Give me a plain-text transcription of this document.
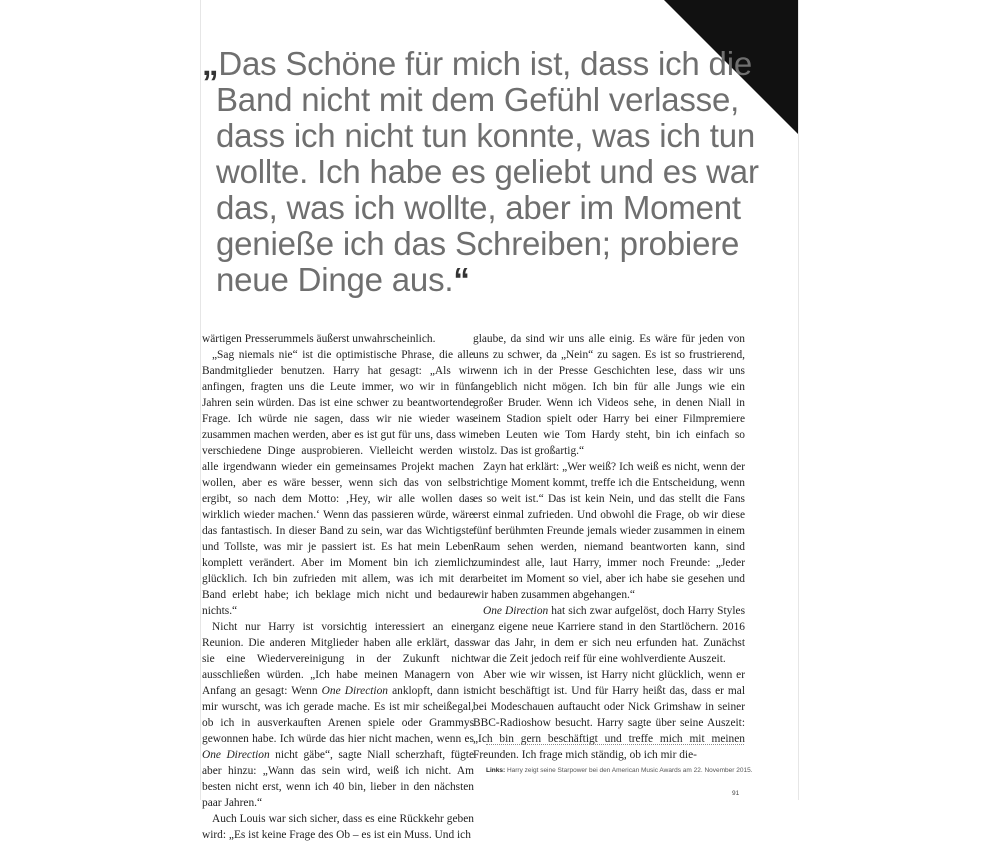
„Das Schöne für mich ist, dass ich die
Band nicht mit dem Gefühl verlasse,
dass ich nicht tun konnte, was ich tun
wollte. Ich habe es geliebt und es war
das, was ich wollte, aber im Moment
genieße ich das Schreiben; probiere
neue Dinge aus.“

wärtigen Presserummels äußerst unwahrscheinlich.

„Sag niemals nie“ ist die optimistische Phrase, die alle Bandmitglieder benutzen. Harry hat gesagt: „Als wir anfingen, fragten uns die Leute immer, wo wir in fünf Jahren sein würden. Das ist eine schwer zu beantwortende Frage. Ich würde nie sagen, dass wir nie wieder was zusammen machen werden, aber es ist gut für uns, dass wir verschiedene Dinge ausprobieren. Vielleicht werden wir alle irgendwann wieder ein gemeinsames Projekt machen wollen, aber es wäre besser, wenn sich das von selbst ergibt, so nach dem Motto: ‚Hey, wir alle wollen das wirklich wieder machen.‘ Wenn das passieren würde, wäre das fantastisch. In dieser Band zu sein, war das Wichtigste und Tollste, was mir je passiert ist. Es hat mein Leben komplett verändert. Aber im Moment bin ich ziemlich glücklich. Ich bin zufrieden mit allem, was ich mit der Band erlebt habe; ich beklage mich nicht und bedaure nichts.“

Nicht nur Harry ist vorsichtig interessiert an einer Reunion. Die anderen Mitglieder haben alle erklärt, dass sie eine Wiedervereinigung in der Zukunft nicht ausschließen würden. „Ich habe meinen Managern von Anfang an gesagt: Wenn One Direction anklopft, dann ist mir wurscht, was ich gerade mache. Es ist mir scheißegal, ob ich in ausverkauften Arenen spiele oder Grammys gewonnen habe. Ich würde das hier nicht machen, wenn es One Direction nicht gäbe“, sagte Niall scherzhaft, fügte aber hinzu: „Wann das sein wird, weiß ich nicht. Am besten nicht erst, wenn ich 40 bin, lieber in den nächsten paar Jahren.“

Auch Louis war sich sicher, dass es eine Rückkehr geben wird: „Es ist keine Frage des Ob – es ist ein Muss. Und ich

glaube, da sind wir uns alle einig. Es wäre für jeden von uns zu schwer, da „Nein“ zu sagen. Es ist so frustrierend, wenn ich in der Presse Geschichten lese, dass wir uns angeblich nicht mögen. Ich bin für alle Jungs wie ein großer Bruder. Wenn ich Videos sehe, in denen Niall in einem Stadion spielt oder Harry bei einer Filmpremiere neben Leuten wie Tom Hardy steht, bin ich einfach so stolz. Das ist großartig.“

Zayn hat erklärt: „Wer weiß? Ich weiß es nicht, wenn der richtige Moment kommt, treffe ich die Entscheidung, wenn es so weit ist.“ Das ist kein Nein, und das stellt die Fans erst einmal zufrieden. Und obwohl die Frage, ob wir diese fünf berühmten Freunde jemals wieder zusammen in einem Raum sehen werden, niemand beantworten kann, sind zumindest alle, laut Harry, immer noch Freunde: „Jeder arbeitet im Moment so viel, aber ich habe sie gesehen und wir haben zusammen abgehangen.“

One Direction hat sich zwar aufgelöst, doch Harry Styles ganz eigene neue Karriere stand in den Startlöchern. 2016 war das Jahr, in dem er sich neu erfunden hat. Zunächst war die Zeit jedoch reif für eine wohlverdiente Auszeit.

Aber wie wir wissen, ist Harry nicht glücklich, wenn er nicht beschäftigt ist. Und für Harry heißt das, dass er mal bei Modeschauen auftaucht oder Nick Grimshaw in seiner BBC-Radioshow besucht. Harry sagte über seine Auszeit: „Ich bin gern beschäftigt und treffe mich mit meinen Freunden. Ich frage mich ständig, ob ich mir die-

Links: Harry zeigt seine Starpower bei den American Music Awards am 22. November 2015.
91
